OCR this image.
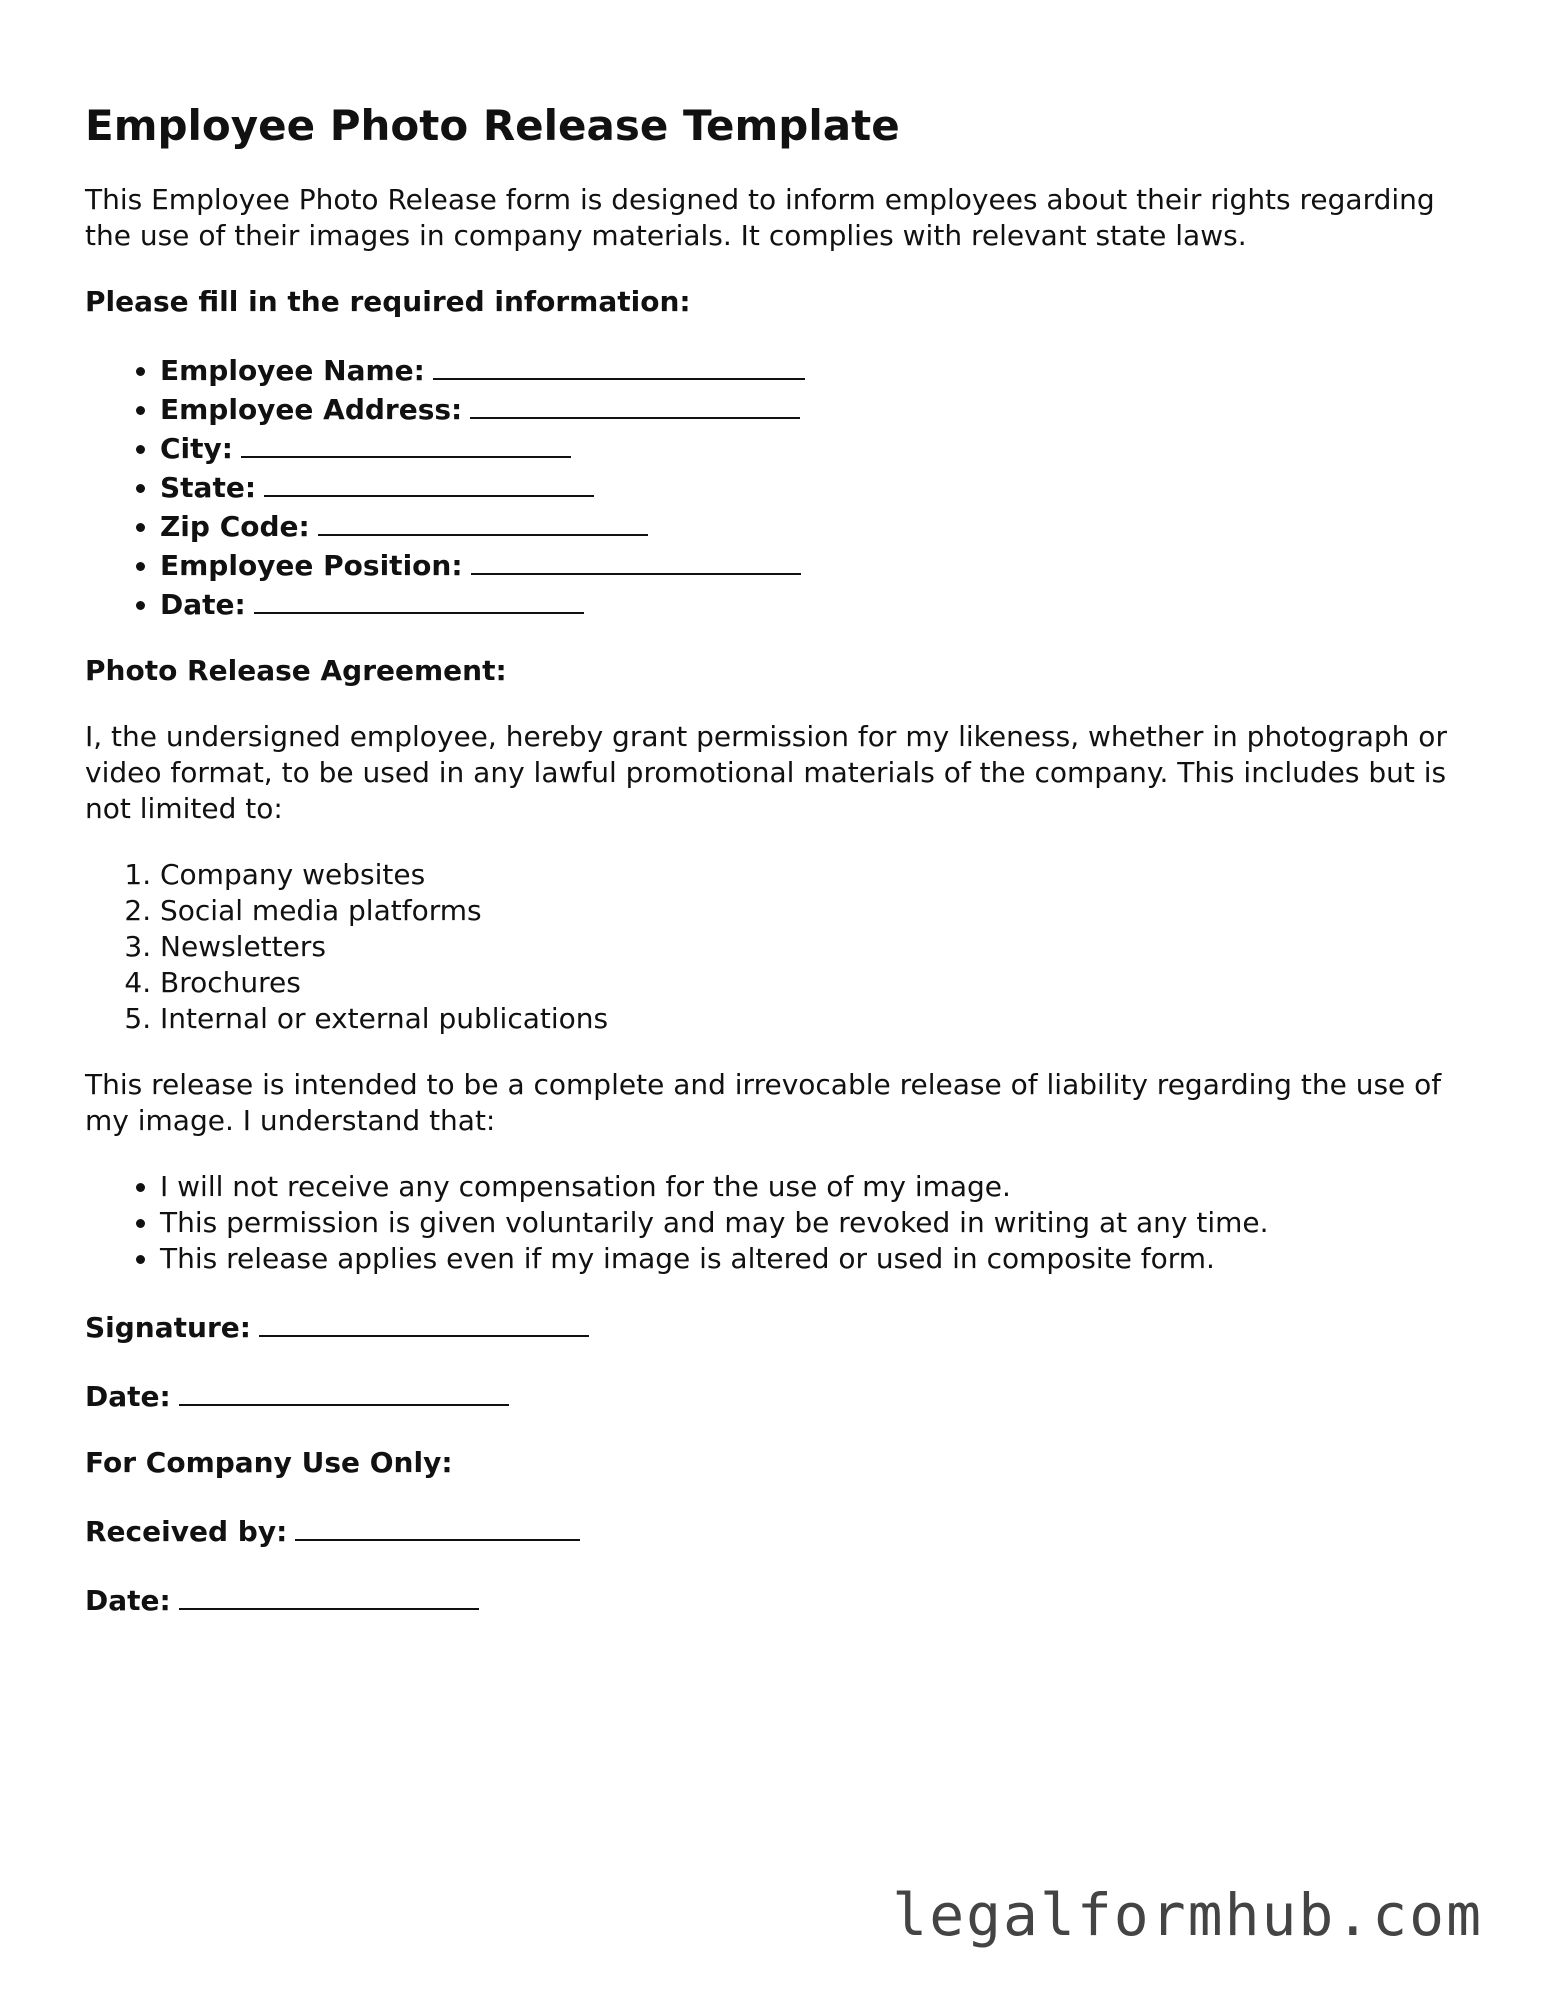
Employee Photo Release Template

This Employee Photo Release form is designed to inform employees about their rights regarding the use of their images in company materials. It complies with relevant state laws.

Please fill in the required information:

• Employee Name:
• Employee Address:
• City:
• State:
• Zip Code:
• Employee Position:
• Date:

Photo Release Agreement:

I, the undersigned employee, hereby grant permission for my likeness, whether in photograph or video format, to be used in any lawful promotional materials of the company. This includes but is not limited to:

1. Company websites
2. Social media platforms
3. Newsletters
4. Brochures
5. Internal or external publications

This release is intended to be a complete and irrevocable release of liability regarding the use of my image. I understand that:

• I will not receive any compensation for the use of my image.
• This permission is given voluntarily and may be revoked in writing at any time.
• This release applies even if my image is altered or used in composite form.

Signature:

Date:

For Company Use Only:

Received by:

Date:

legalformhub.com
